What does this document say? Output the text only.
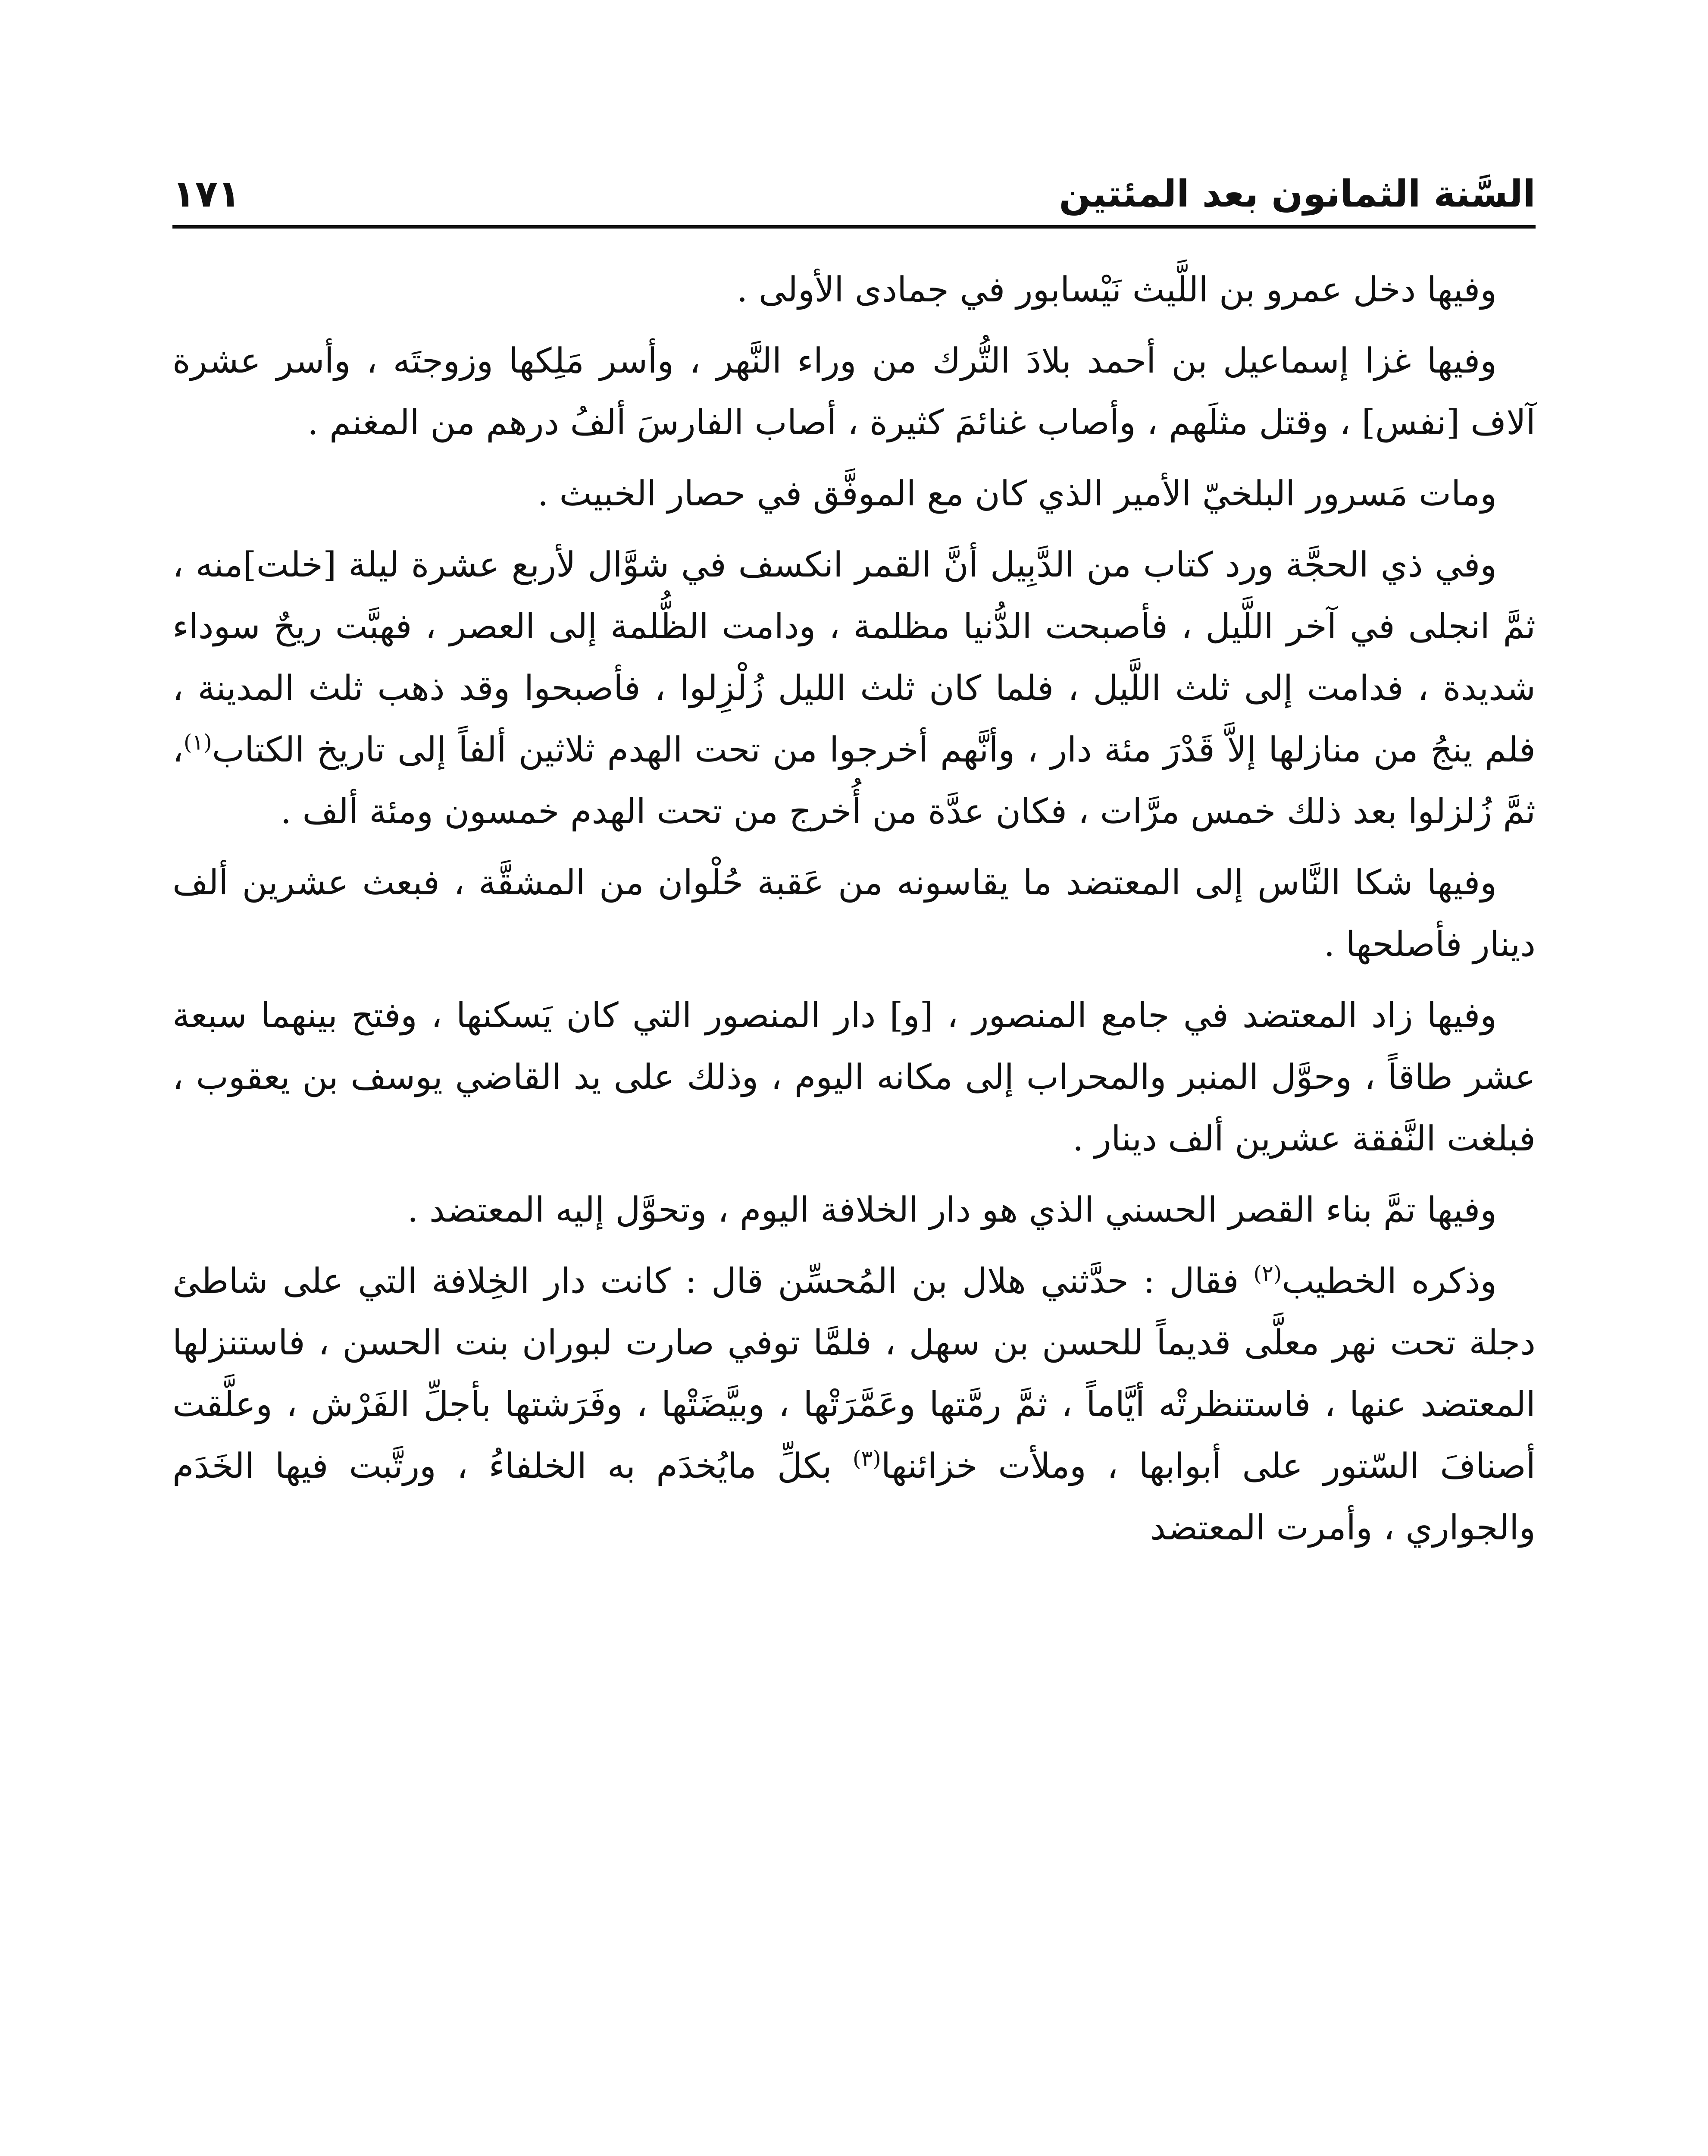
السَّنة الثمانون بعد المئتين
١٧١

وفيها دخل عمرو بن اللَّيث نَيْسابور في جمادى الأولى .

وفيها غزا إسماعيل بن أحمد بلادَ التُّرك من وراء النَّهر ، وأسر مَلِكها وزوجتَه ، وأسر عشرة آلاف [نفس] ، وقتل مثلَهم ، وأصاب غنائمَ كثيرة ، أصاب الفارسَ ألفُ درهم من المغنم .

ومات مَسرور البلخيّ الأمير الذي كان مع الموفَّق في حصار الخبيث .

وفي ذي الحجَّة ورد كتاب من الدَّبِيل أنَّ القمر انكسف في شوَّال لأربع عشرة ليلة [خلت]منه ، ثمَّ انجلى في آخر اللَّيل ، فأصبحت الدُّنيا مظلمة ، ودامت الظُّلمة إلى العصر ، فهبَّت ريحٌ سوداء شديدة ، فدامت إلى ثلث اللَّيل ، فلما كان ثلث الليل زُلْزِلوا ، فأصبحوا وقد ذهب ثلث المدينة ، فلم ينجُ من منازلها إلاَّ قَدْرَ مئة دار ، وأنَّهم أخرجوا من تحت الهدم ثلاثين ألفاً إلى تاريخ الكتاب$^{(١)}$، ثمَّ زُلزلوا بعد ذلك خمس مرَّات ، فكان عدَّة من أُخرج من تحت الهدم خمسون ومئة ألف .

وفيها شكا النَّاس إلى المعتضد ما يقاسونه من عَقبة حُلْوان من المشقَّة ، فبعث عشرين ألف دينار فأصلحها .

وفيها زاد المعتضد في جامع المنصور ، [و] دار المنصور التي كان يَسكنها ، وفتح بينهما سبعة عشر طاقاً ، وحوَّل المنبر والمحراب إلى مكانه اليوم ، وذلك على يد القاضي يوسف بن يعقوب ، فبلغت النَّفقة عشرين ألف دينار .

وفيها تمَّ بناء القصر الحسني الذي هو دار الخلافة اليوم ، وتحوَّل إليه المعتضد .

وذكره الخطيب$^{(٢)}$ فقال : حدَّثني هلال بن المُحسِّن قال : كانت دار الخِلافة التي على شاطئ دجلة تحت نهر معلَّى قديماً للحسن بن سهل ، فلمَّا توفي صارت لبوران بنت الحسن ، فاستنزلها المعتضد عنها ، فاستنظرتْه أيَّاماً ، ثمَّ رمَّتها وعَمَّرَتْها ، وبيَّضَتْها ، وفَرَشتها بأجلِّ الفَرْش ، وعلَّقت أصنافَ السّتور على أبوابها ، وملأت خزائنها$^{(٣)}$ بكلِّ مايُخدَم به الخلفاءُ ، ورتَّبت فيها الخَدَم والجواري ، وأمرت المعتضد
